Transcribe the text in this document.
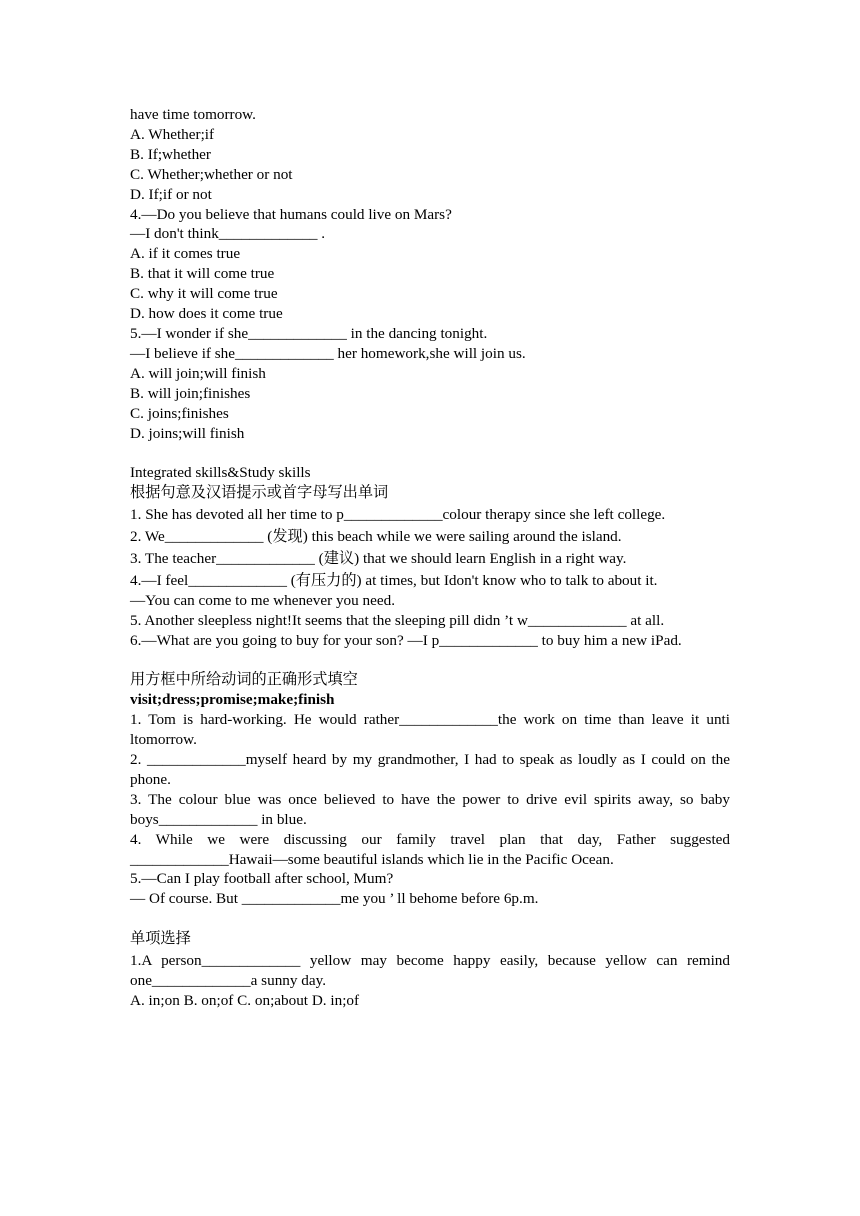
have time tomorrow.
A. Whether;if
B. If;whether
C. Whether;whether or not
D. If;if or not
4.—Do you believe that humans could live on Mars?
—I don't think_____________ .
A. if it comes true
B. that it will come true
C. why it will come true
D. how does it come true
5.—I wonder if she_____________ in the dancing tonight.
—I believe if she_____________ her homework,she will join us.
A. will join;will finish
B. will join;finishes
C. joins;finishes
D. joins;will finish
Integrated skills&Study skills
根据句意及汉语提示或首字母写出单词
1. She has devoted all her time to p_____________colour therapy since she left college.
2. We_____________ (发现) this beach while we were sailing around the island.
3. The teacher_____________ (建议) that we should learn English in a right way.
4.—I feel_____________ (有压力的) at times, but Idon't know who to talk to about it.
—You can come to me whenever you need.
5. Another sleepless night!It seems that the sleeping pill didn ’t w_____________ at all.
6.—What are you going to buy for your son? —I p_____________ to buy him a new iPad.
用方框中所给动词的正确形式填空
visit;dress;promise;make;finish
1. Tom is hard-working. He would rather_____________the work on time than leave it unti ltomorrow.
2. _____________myself heard by my grandmother, I had to speak as loudly as I could on the phone.
3. The colour blue was once believed to have the power to drive evil spirits away, so baby boys_____________ in blue.
4. While we were discussing our family travel plan that day, Father suggested _____________Hawaii—some beautiful islands which lie in the Pacific Ocean.
5.—Can I play football after school, Mum?
— Of course. But _____________me you ’ ll behome before 6p.m.
单项选择
1.A person_____________ yellow may become happy easily, because yellow can remind one_____________a sunny day.
A. in;on B. on;of C. on;about D. in;of
